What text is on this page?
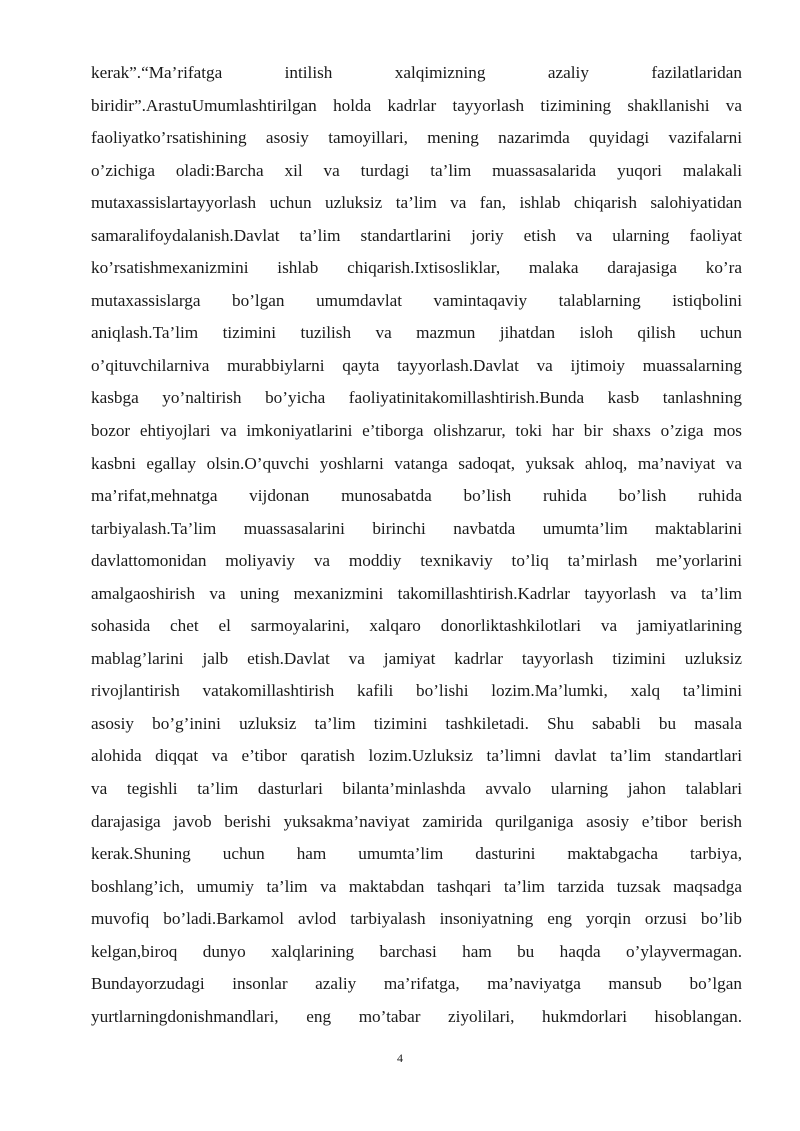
kerak”.“Ma’rifatga intilish xalqimizning azaliy fazilatlaridan
biridir”.ArastuUmumlashtirilgan holda kadrlar tayyorlash tizimining shakllanishi va
faoliyatko’rsatishining asosiy tamoyillari, mening nazarimda quyidagi vazifalarni
o’zichiga oladi:Barcha xil va turdagi ta’lim muassasalarida yuqori malakali
mutaxassislartayyorlash uchun uzluksiz ta’lim va fan, ishlab chiqarish salohiyatidan
samaralifoydalanish.Davlat ta’lim standartlarini joriy etish va ularning faoliyat
ko’rsatishmexanizmini ishlab chiqarish.Ixtisosliklar, malaka darajasiga ko’ra
mutaxassislarga bo’lgan umumdavlat vamintaqaviy talablarning istiqbolini
aniqlash.Ta’lim tizimini tuzilish va mazmun jihatdan isloh qilish uchun
o’qituvchilarniva murabbiylarni qayta tayyorlash.Davlat va ijtimoiy muassalarning
kasbga yo’naltirish bo’yicha faoliyatinitakomillashtirish.Bunda kasb tanlashning
bozor ehtiyojlari va imkoniyatlarini e’tiborga olishzarur, toki har bir shaxs o’ziga mos
kasbni egallay olsin.O’quvchi yoshlarni vatanga sadoqat, yuksak ahloq, ma’naviyat va
ma’rifat,mehnatga vijdonan munosabatda bo’lish ruhida bo’lish ruhida
tarbiyalash.Ta’lim muassasalarini birinchi navbatda umumta’lim maktablarini
davlattomonidan moliyaviy va moddiy texnikaviy to’liq ta’mirlash me’yorlarini
amalgaoshirish va uning mexanizmini takomillashtirish.Kadrlar tayyorlash va ta’lim
sohasida chet el sarmoyalarini, xalqaro donorliktashkilotlari va jamiyatlarining
mablag’larini jalb etish.Davlat va jamiyat kadrlar tayyorlash tizimini uzluksiz
rivojlantirish vatakomillashtirish kafili bo’lishi lozim.Ma’lumki, xalq ta’limini
asosiy bo’g’inini uzluksiz ta’lim tizimini tashkiletadi. Shu sababli bu masala
alohida diqqat va e’tibor qaratish lozim.Uzluksiz ta’limni davlat ta’lim standartlari
va tegishli ta’lim dasturlari bilanta’minlashda avvalo ularning jahon talablari
darajasiga javob berishi yuksakma’naviyat zamirida qurilganiga asosiy e’tibor berish
kerak.Shuning uchun ham umumta’lim dasturini maktabgacha tarbiya,
boshlang’ich, umumiy ta’lim va maktabdan tashqari ta’lim tarzida tuzsak maqsadga
muvofiq bo’ladi.Barkamol avlod tarbiyalash insoniyatning eng yorqin orzusi bo’lib
kelgan,biroq dunyo xalqlarining barchasi ham bu haqda o’ylayvermagan.
Bundayorzudagi insonlar azaliy ma’rifatga, ma’naviyatga mansub bo’lgan
yurtlarningdonishmandlari, eng mo’tabar ziyolilari, hukmdorlari hisoblangan.
4
